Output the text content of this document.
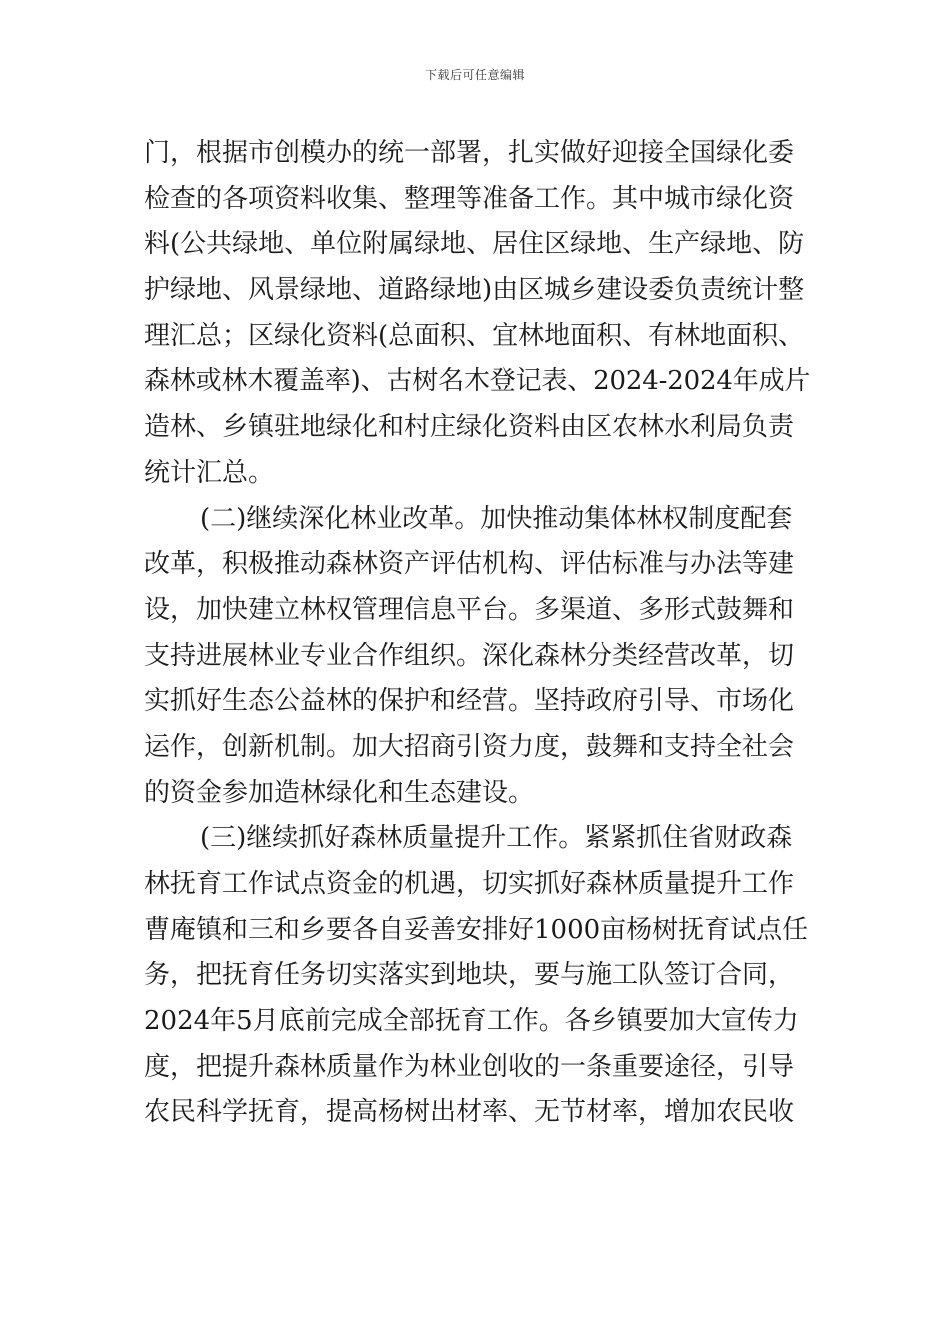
下载后可任意编辑
门，根据市创模办的统一部署，扎实做好迎接全国绿化委
检查的各项资料收集、整理等准备工作。其中城市绿化资
料(公共绿地、单位附属绿地、居住区绿地、生产绿地、防
护绿地、风景绿地、道路绿地)由区城乡建设委负责统计整
理汇总；区绿化资料(总面积、宜林地面积、有林地面积、
森林或林木覆盖率)、古树名木登记表、2024-2024年成片
造林、乡镇驻地绿化和村庄绿化资料由区农林水利局负责
统计汇总。
(二)继续深化林业改革。加快推动集体林权制度配套
改革，积极推动森林资产评估机构、评估标准与办法等建
设，加快建立林权管理信息平台。多渠道、多形式鼓舞和
支持进展林业专业合作组织。深化森林分类经营改革，切
实抓好生态公益林的保护和经营。坚持政府引导、市场化
运作，创新机制。加大招商引资力度，鼓舞和支持全社会
的资金参加造林绿化和生态建设。
(三)继续抓好森林质量提升工作。紧紧抓住省财政森
林抚育工作试点资金的机遇，切实抓好森林质量提升工作
曹庵镇和三和乡要各自妥善安排好1000亩杨树抚育试点任
务，把抚育任务切实落实到地块，要与施工队签订合同，
2024年5月底前完成全部抚育工作。各乡镇要加大宣传力
度，把提升森林质量作为林业创收的一条重要途径，引导
农民科学抚育，提高杨树出材率、无节材率，增加农民收
